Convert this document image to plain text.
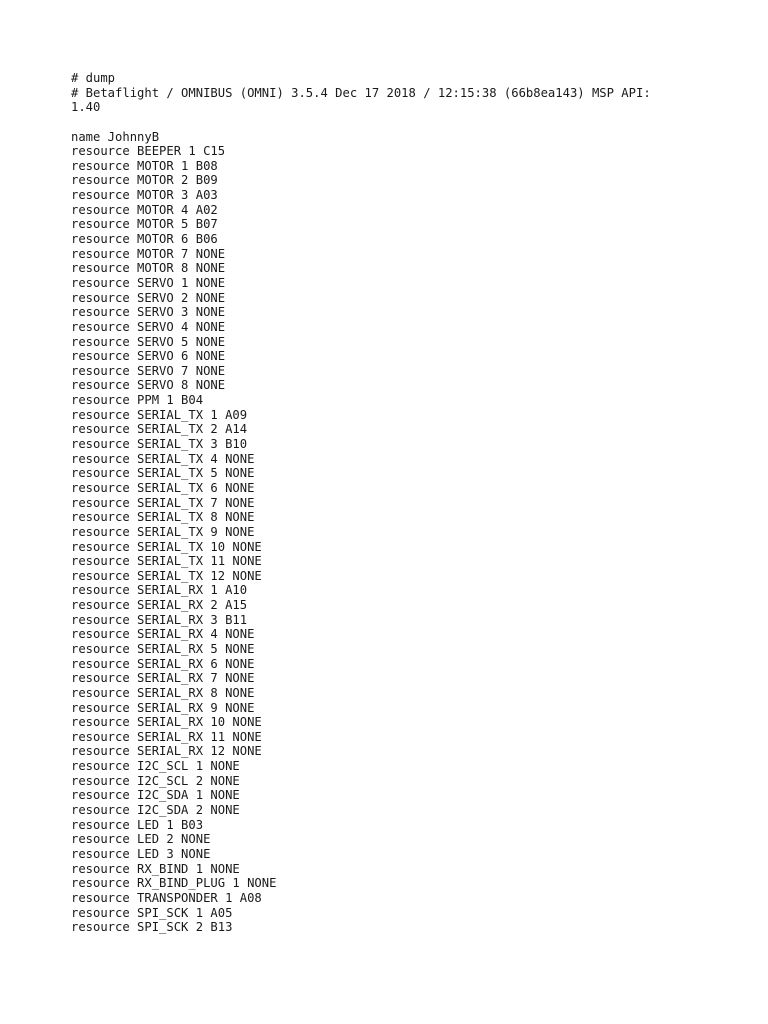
# dump
# Betaflight / OMNIBUS (OMNI) 3.5.4 Dec 17 2018 / 12:15:38 (66b8ea143) MSP API:
1.40
name JohnnyB
resource BEEPER 1 C15
resource MOTOR 1 B08
resource MOTOR 2 B09
resource MOTOR 3 A03
resource MOTOR 4 A02
resource MOTOR 5 B07
resource MOTOR 6 B06
resource MOTOR 7 NONE
resource MOTOR 8 NONE
resource SERVO 1 NONE
resource SERVO 2 NONE
resource SERVO 3 NONE
resource SERVO 4 NONE
resource SERVO 5 NONE
resource SERVO 6 NONE
resource SERVO 7 NONE
resource SERVO 8 NONE
resource PPM 1 B04
resource SERIAL_TX 1 A09
resource SERIAL_TX 2 A14
resource SERIAL_TX 3 B10
resource SERIAL_TX 4 NONE
resource SERIAL_TX 5 NONE
resource SERIAL_TX 6 NONE
resource SERIAL_TX 7 NONE
resource SERIAL_TX 8 NONE
resource SERIAL_TX 9 NONE
resource SERIAL_TX 10 NONE
resource SERIAL_TX 11 NONE
resource SERIAL_TX 12 NONE
resource SERIAL_RX 1 A10
resource SERIAL_RX 2 A15
resource SERIAL_RX 3 B11
resource SERIAL_RX 4 NONE
resource SERIAL_RX 5 NONE
resource SERIAL_RX 6 NONE
resource SERIAL_RX 7 NONE
resource SERIAL_RX 8 NONE
resource SERIAL_RX 9 NONE
resource SERIAL_RX 10 NONE
resource SERIAL_RX 11 NONE
resource SERIAL_RX 12 NONE
resource I2C_SCL 1 NONE
resource I2C_SCL 2 NONE
resource I2C_SDA 1 NONE
resource I2C_SDA 2 NONE
resource LED 1 B03
resource LED 2 NONE
resource LED 3 NONE
resource RX_BIND 1 NONE
resource RX_BIND_PLUG 1 NONE
resource TRANSPONDER 1 A08
resource SPI_SCK 1 A05
resource SPI_SCK 2 B13
